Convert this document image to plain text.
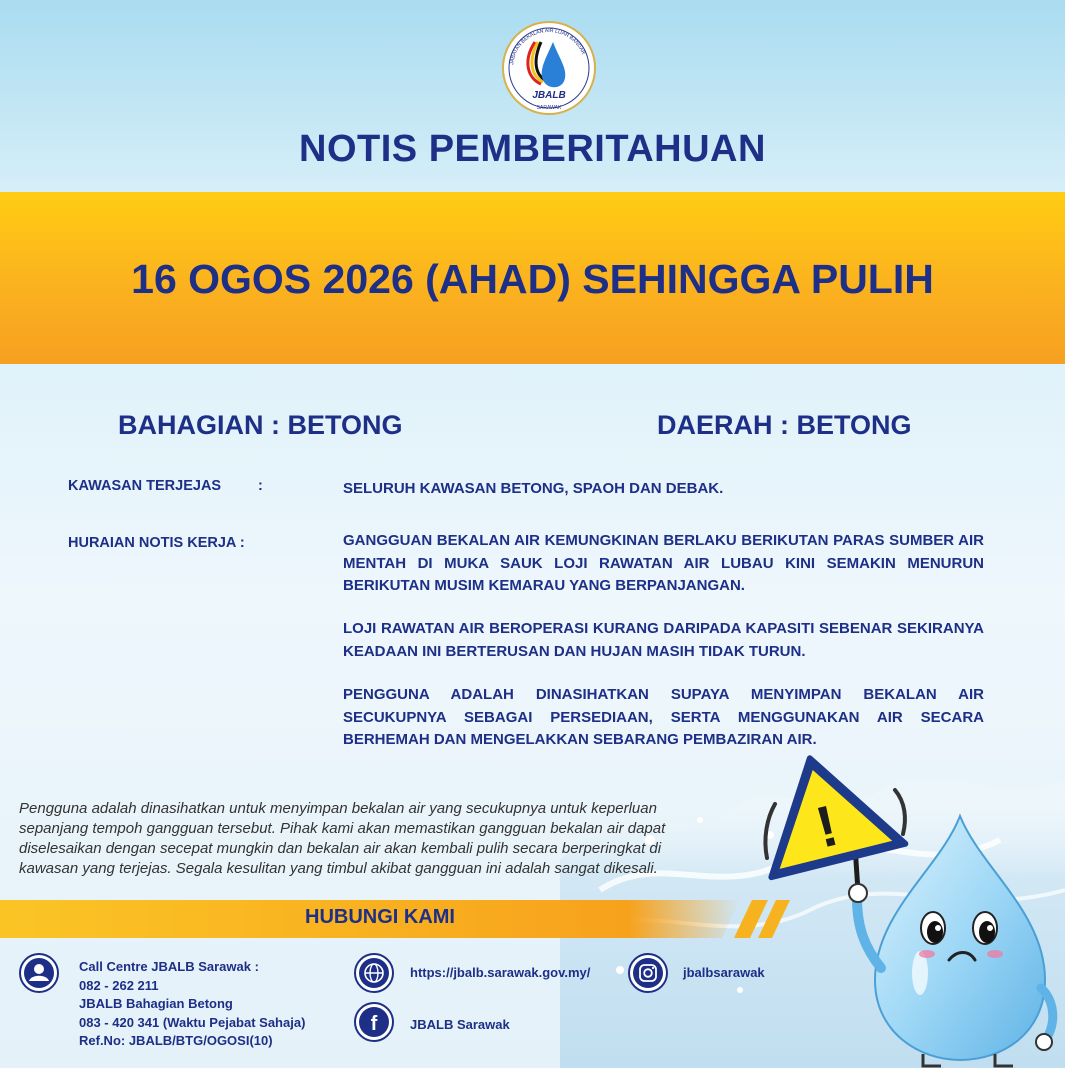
JBALB
SARAWAK
JABATAN BEKALAN AIR LUAR BANDAR
NOTIS PEMBERITAHUAN
16 OGOS 2026 (AHAD) SEHINGGA PULIH
BAHAGIAN : BETONG	DAERAH : BETONG
KAWASAN TERJEJAS	:	SELURUH KAWASAN BETONG, SPAOH DAN DEBAK.
HURAIAN NOTIS KERJA :	GANGGUAN BEKALAN AIR KEMUNGKINAN BERLAKU BERIKUTAN PARAS SUMBER AIR MENTAH DI MUKA SAUK LOJI RAWATAN AIR LUBAU KINI SEMAKIN MENURUN BERIKUTAN MUSIM KEMARAU YANG BERPANJANGAN.
LOJI RAWATAN AIR BEROPERASI KURANG DARIPADA KAPASITI SEBENAR SEKIRANYA KEADAAN INI BERTERUSAN DAN HUJAN MASIH TIDAK TURUN.
PENGGUNA ADALAH DINASIHATKAN SUPAYA MENYIMPAN BEKALAN AIR SECUKUPNYA SEBAGAI PERSEDIAAN, SERTA MENGGUNAKAN AIR SECARA BERHEMAH DAN MENGELAKKAN SEBARANG PEMBAZIRAN AIR.
Pengguna adalah dinasihatkan untuk menyimpan bekalan air yang secukupnya untuk keperluan
sepanjang tempoh gangguan tersebut. Pihak kami akan memastikan gangguan bekalan air dapat
diselesaikan dengan secepat mungkin dan bekalan air akan kembali pulih secara berperingkat di
kawasan yang terjejas. Segala kesulitan yang timbul akibat gangguan ini adalah sangat dikesali.
HUBUNGI KAMI
Call Centre JBALB Sarawak :
082 - 262 211
JBALB Bahagian Betong
083 - 420 341 (Waktu Pejabat Sahaja)
Ref.No: JBALB/BTG/OGOSI(10)
https://jbalb.sarawak.gov.my/
f	JBALB Sarawak
jbalbsarawak
!
